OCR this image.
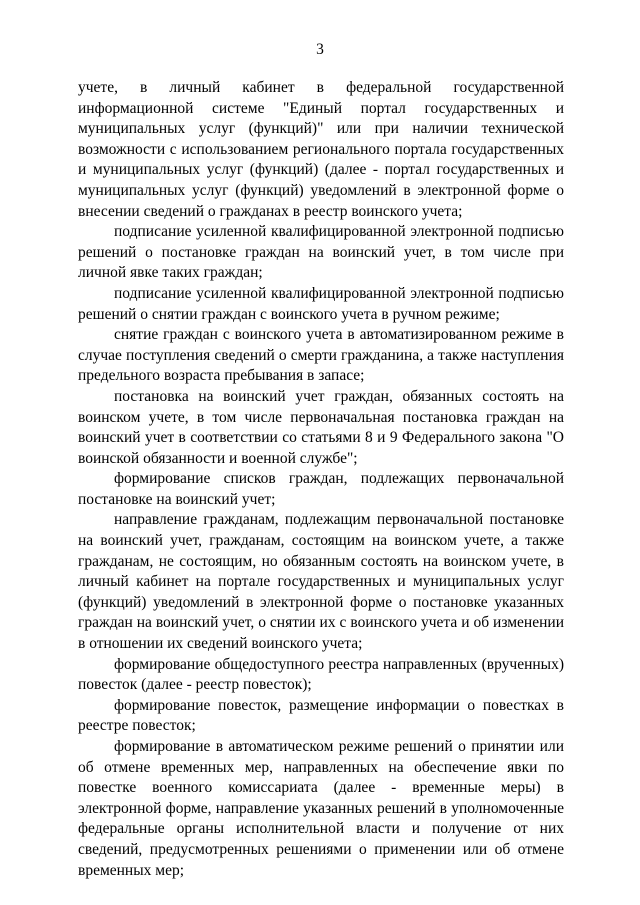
3

учете, в личный кабинет в федеральной государственной информационной системе "Единый портал государственных и муниципальных услуг (функций)" или при наличии технической возможности с использованием регионального портала государственных и муниципальных услуг (функций) (далее - портал государственных и муниципальных услуг (функций) уведомлений в электронной форме о внесении сведений о гражданах в реестр воинского учета;

подписание усиленной квалифицированной электронной подписью решений о постановке граждан на воинский учет, в том числе при личной явке таких граждан;

подписание усиленной квалифицированной электронной подписью решений о снятии граждан с воинского учета в ручном режиме;

снятие граждан с воинского учета в автоматизированном режиме в случае поступления сведений о смерти гражданина, а также наступления предельного возраста пребывания в запасе;

постановка на воинский учет граждан, обязанных состоять на воинском учете, в том числе первоначальная постановка граждан на воинский учет в соответствии со статьями 8 и 9 Федерального закона "О воинской обязанности и военной службе";

формирование списков граждан, подлежащих первоначальной постановке на воинский учет;

направление гражданам, подлежащим первоначальной постановке на воинский учет, гражданам, состоящим на воинском учете, а также гражданам, не состоящим, но обязанным состоять на воинском учете, в личный кабинет на портале государственных и муниципальных услуг (функций) уведомлений в электронной форме о постановке указанных граждан на воинский учет, о снятии их с воинского учета и об изменении в отношении их сведений воинского учета;

формирование общедоступного реестра направленных (врученных) повесток (далее - реестр повесток);

формирование повесток, размещение информации о повестках в реестре повесток;

формирование в автоматическом режиме решений о принятии или об отмене временных мер, направленных на обеспечение явки по повестке военного комиссариата (далее - временные меры) в электронной форме, направление указанных решений в уполномоченные федеральные органы исполнительной власти и получение от них сведений, предусмотренных решениями о применении или об отмене временных мер;
